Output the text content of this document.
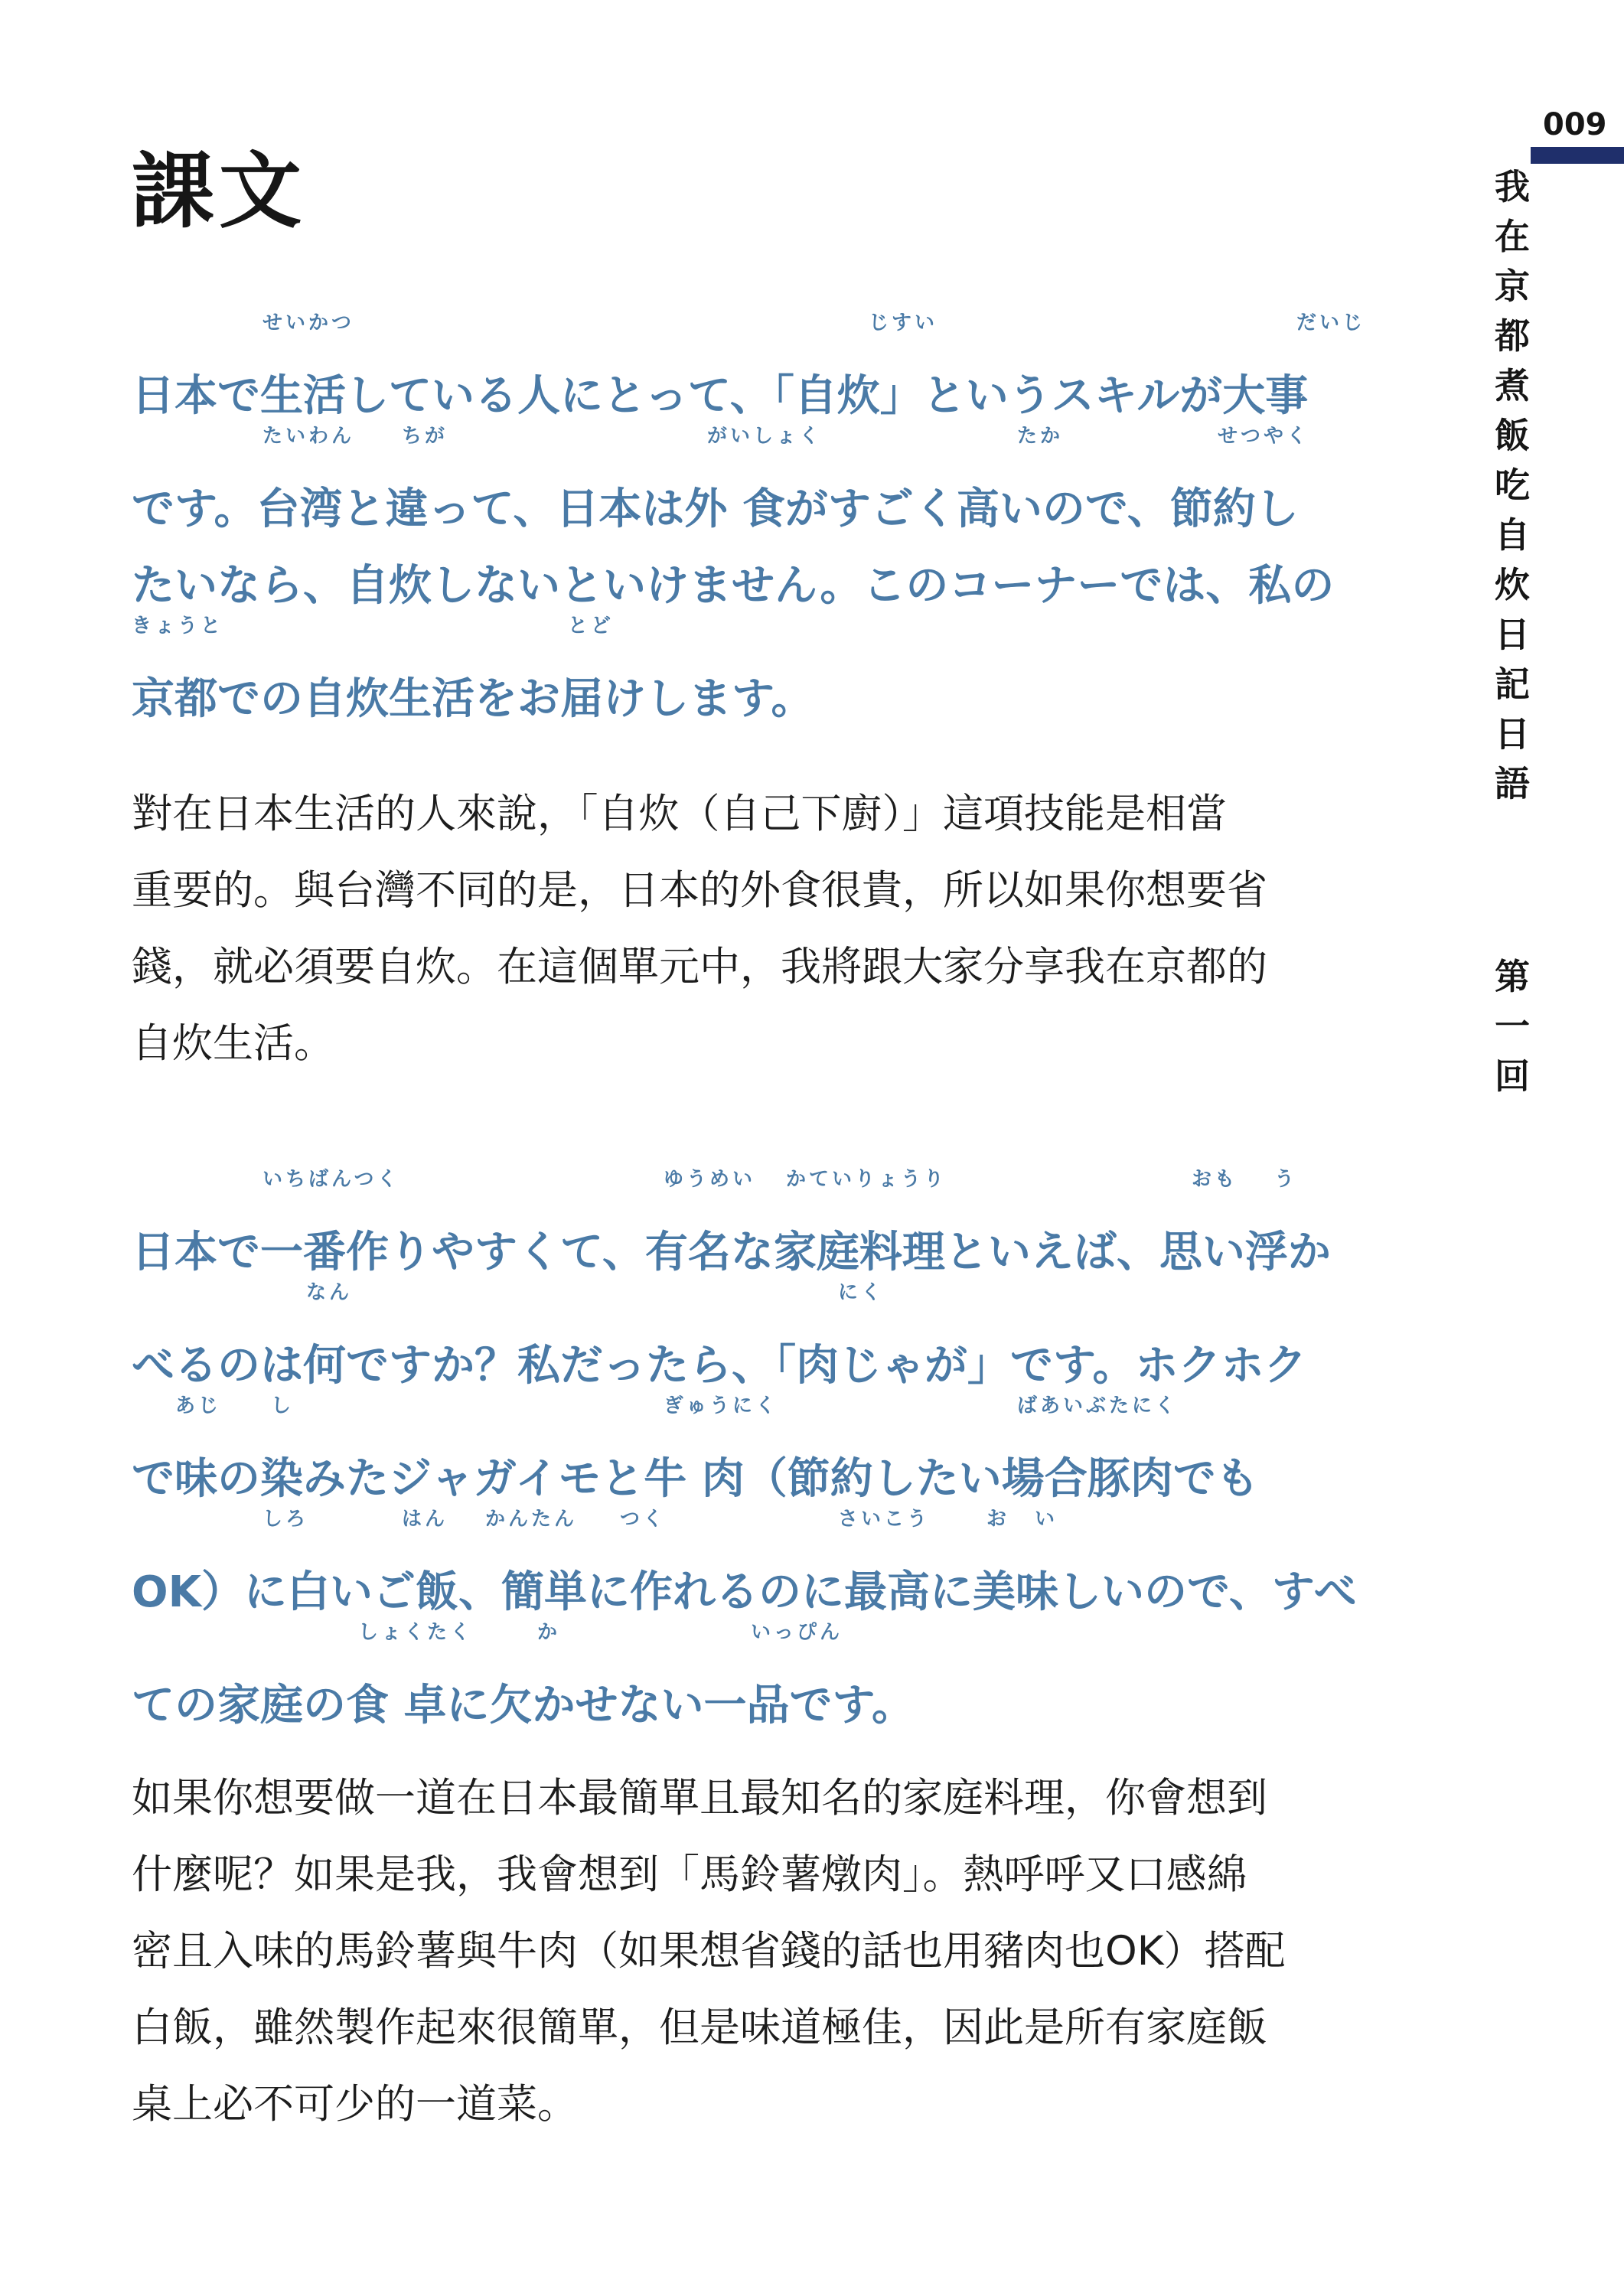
課文
せいかつ	じすい	だいじ
日本で生活している人にとって、「自炊」というスキルが大事
たいわん ちが	がいしょく	たか	せつやく
です。台湾と違って、日本は外 食がすごく高いので、節約し
たいなら、自炊しないといけません。このコーナーでは、私の
きょうと	とど
京都での自炊生活をお届けします。
對在日本生活的人來說，「自炊（自己下廚）」這項技能是相當
重要的。與台灣不同的是，日本的外食很貴，所以如果你想要省
錢，就必須要自炊。在這個單元中，我將跟大家分享我在京都的
自炊生活。
いちばんつく	ゆうめい かていりょうり	おも う
日本で一番作りやすくて、有名な家庭料理といえば、思い浮か
なん	にく
べるのは何ですか？私だったら、「肉じゃが」です。ホクホク
あじ し	ぎゅうにく	ばあいぶたにく
で味の染みたジャガイモと牛 肉（節約したい場合豚肉でも
しろ	はん かんたん つく	さいこう	お い
OK）に白いご飯、簡単に作れるのに最高に美味しいので、すべ
しょくたく	か	いっぴん
ての家庭の食 卓に欠かせない一品です。
如果你想要做一道在日本最簡單且最知名的家庭料理，你會想到
什麼呢？如果是我，我會想到「馬鈴薯燉肉」。熱呼呼又口感綿
密且入味的馬鈴薯與牛肉（如果想省錢的話也用豬肉也OK）搭配
白飯，雖然製作起來很簡單，但是味道極佳，因此是所有家庭飯
桌上必不可少的一道菜。
009
我
在
京
都
煮
飯
吃
自
炊
日
記
日
語
第
一
回
